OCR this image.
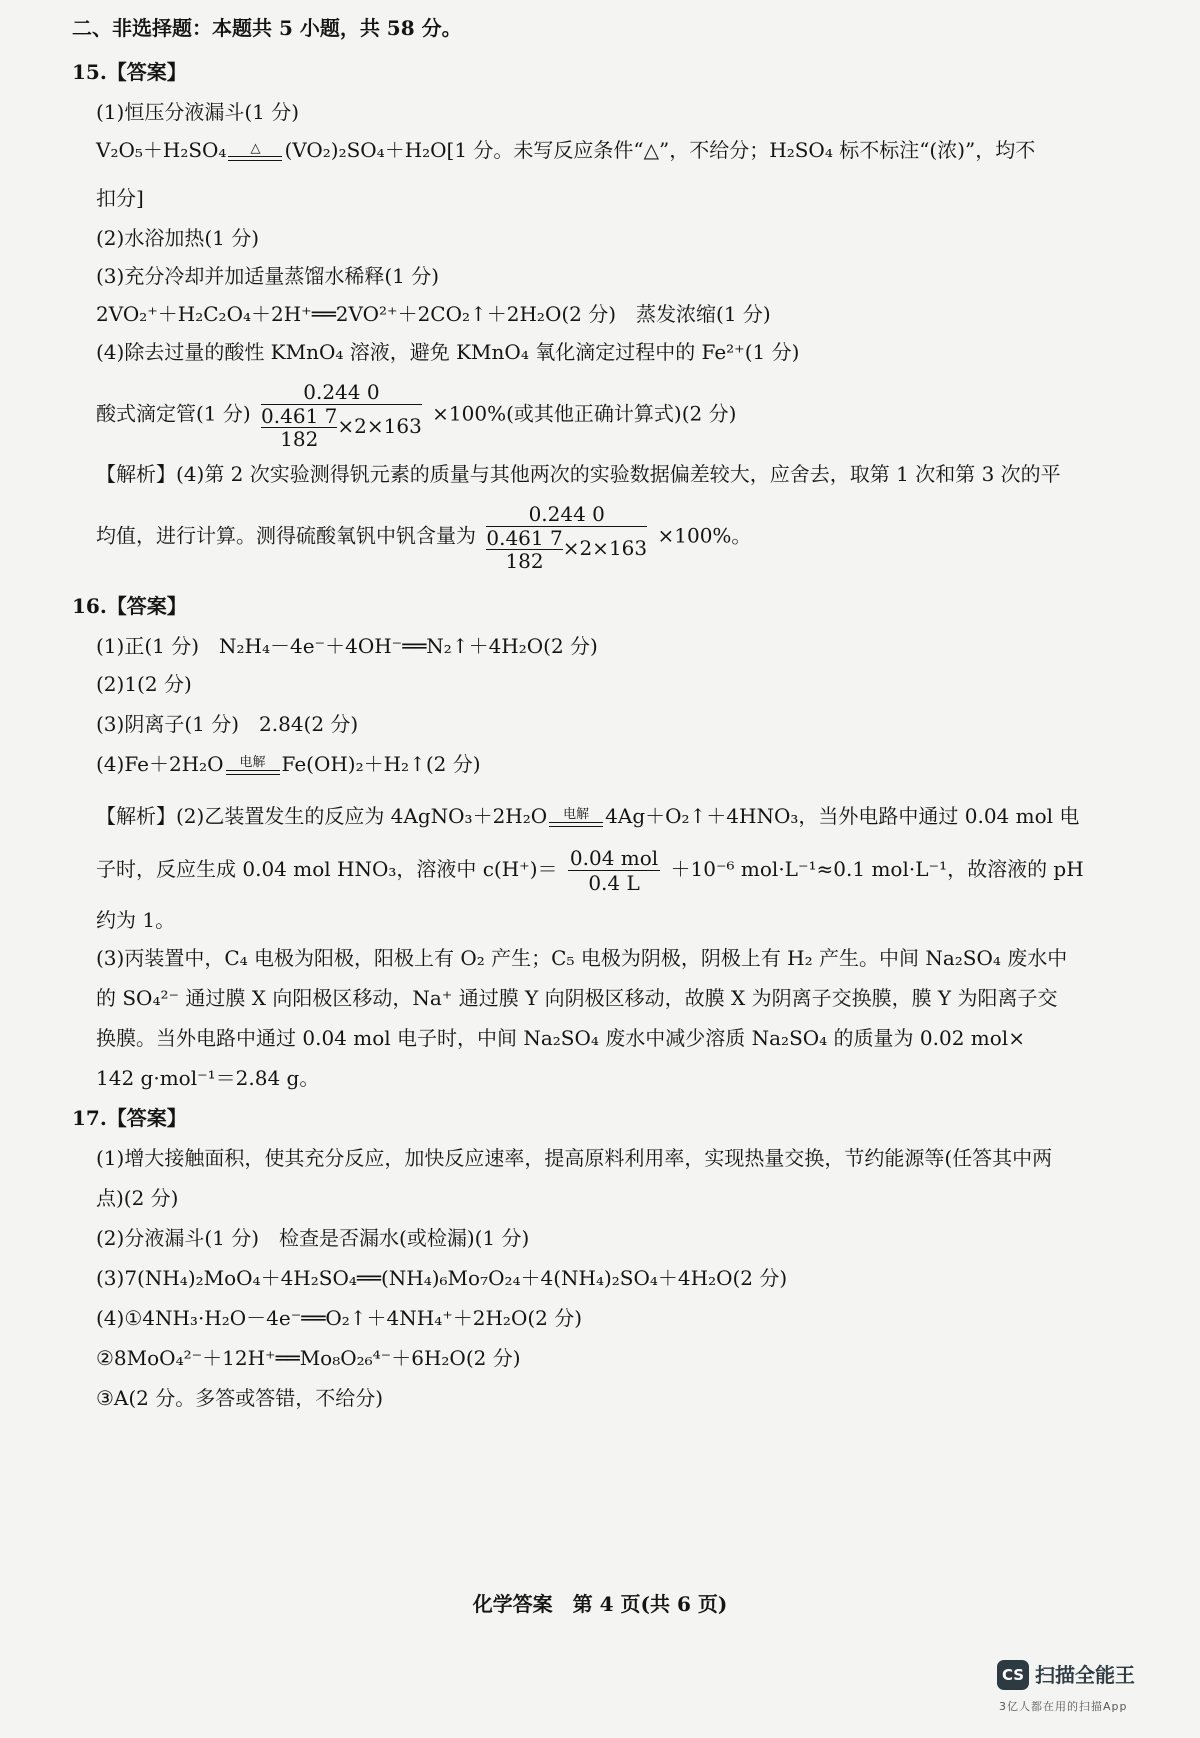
二、非选择题：本题共 5 小题，共 58 分。
15.【答案】
(1)恒压分液漏斗(1 分)
V₂O₅＋H₂SO₄	△	(VO₂)₂SO₄＋H₂O[1 分。未写反应条件“△”，不给分；H₂SO₄ 标不标注“(浓)”，均不
扣分]
(2)水浴加热(1 分)
(3)充分冷却并加适量蒸馏水稀释(1 分)
2VO₂⁺＋H₂C₂O₄＋2H⁺══2VO²⁺＋2CO₂↑＋2H₂O(2 分)　蒸发浓缩(1 分)
(4)除去过量的酸性 KMnO₄ 溶液，避免 KMnO₄ 氧化滴定过程中的 Fe²⁺(1 分)
酸式滴定管(1 分) $\frac{0.244 0}{\frac{0.461 7}{182} \times 2\times 163} \times 100\%$(或其他正确计算式)(2 分)
【解析】(4)第 2 次实验测得钒元素的质量与其他两次的实验数据偏差较大，应舍去，取第 1 次和第 3 次的平
均值，进行计算。测得硫酸氧钒中钒含量为 $\frac{0.244 0}{\frac{0.461 7}{182} \times 2\times 163} \times 100\%$。
16.【答案】
(1)正(1 分)　N₂H₄－4e⁻＋4OH⁻══N₂↑＋4H₂O(2 分)
(2)1(2 分)
(3)阴离子(1 分)　2.84(2 分)
(4)Fe＋2H₂O	电解 Fe(OH)₂＋H₂↑(2 分)
【解析】(2)乙装置发生的反应为 4AgNO₃＋2H₂O	电解 4Ag＋O₂↑＋4HNO₃，当外电路中通过 0.04 mol 电
子时，反应生成 0.04 mol HNO₃，溶液中 $c(H^+)= \frac{\text{0.04 mol}}{0.4 L} +10^{-6}$ mol·L⁻¹≈0.1 mol·L⁻¹，故溶液的 pH
约为 1。
(3)丙装置中，C₄ 电极为阳极，阳极上有 O₂ 产生；C₅ 电极为阴极，阴极上有 H₂ 产生。中间 Na₂SO₄ 废水中
的 SO₄²⁻ 通过膜 X 向阳极区移动，Na⁺ 通过膜 Y 向阴极区移动，故膜 X 为阴离子交换膜，膜 Y 为阳离子交
换膜。当外电路中通过 0.04 mol 电子时，中间 Na₂SO₄ 废水中减少溶质 Na₂SO₄ 的质量为 0.02 mol×
142 g·mol⁻¹＝2.84 g。
17.【答案】
(1)增大接触面积，使其充分反应，加快反应速率，提高原料利用率，实现热量交换，节约能源等(任答其中两
点)(2 分)
(2)分液漏斗(1 分)　检查是否漏水(或检漏)(1 分)
(3)7(NH₄)₂MoO₄＋4H₂SO₄══(NH₄)₆Mo₇O₂₄＋4(NH₄)₂SO₄＋4H₂O(2 分)
(4)①4NH₃·H₂O－4e⁻══O₂↑＋4NH₄⁺＋2H₂O(2 分)
②8MoO₄²⁻＋12H⁺══Mo₈O₂₆⁴⁻＋6H₂O(2 分)
③A(2 分。多答或答错，不给分)
化学答案　第 4 页(共 6 页)
CS 扫描全能王
3亿人都在用的扫描App
